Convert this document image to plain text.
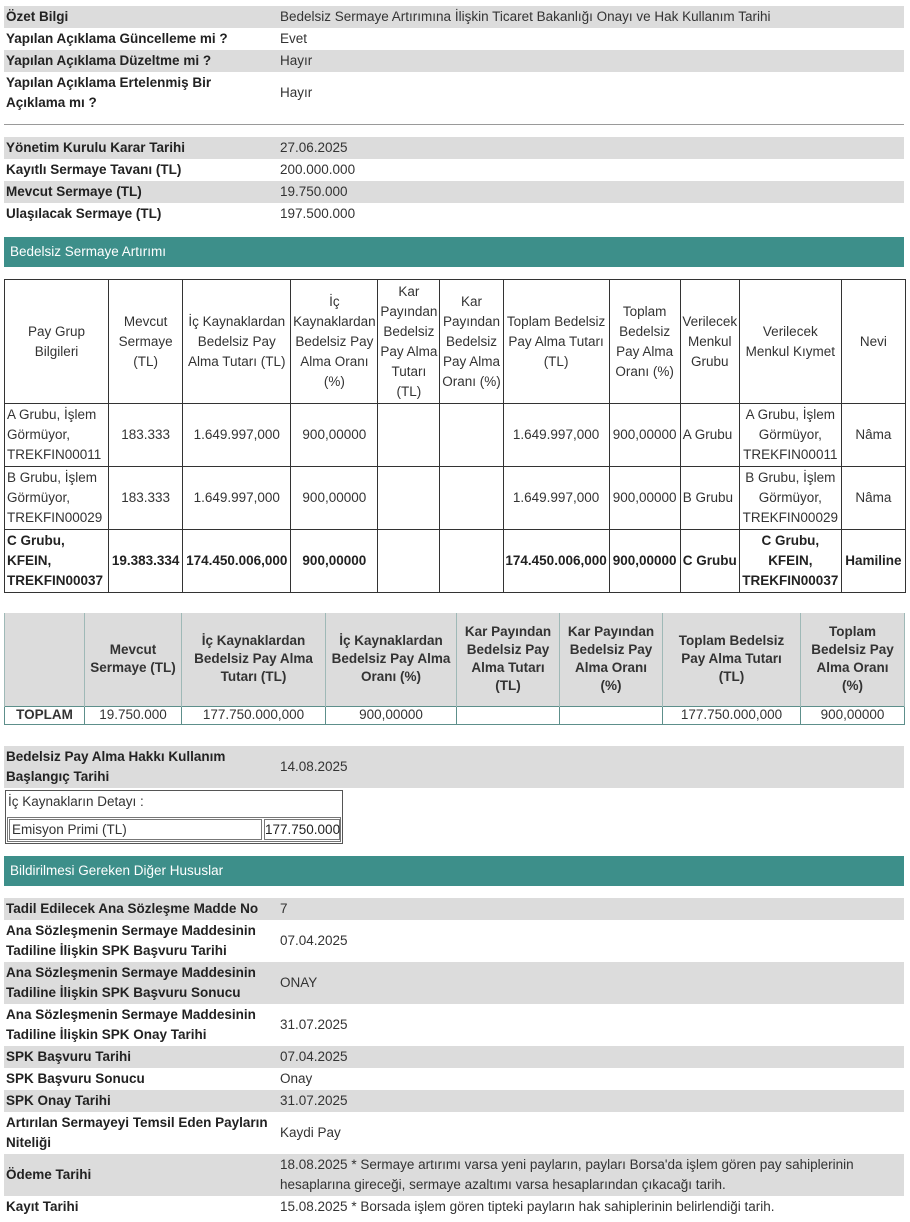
Özet Bilgi	Bedelsiz Sermaye Artırımına İlişkin Ticaret Bakanlığı Onayı ve Hak Kullanım Tarihi
Yapılan Açıklama Güncelleme mi ?	Evet
Yapılan Açıklama Düzeltme mi ?	Hayır
Yapılan Açıklama Ertelenmiş Bir Açıklama mı ?	Hayır
Yönetim Kurulu Karar Tarihi	27.06.2025
Kayıtlı Sermaye Tavanı (TL)	200.000.000
Mevcut Sermaye (TL)	19.750.000
Ulaşılacak Sermaye (TL)	197.500.000
Bedelsiz Sermaye Artırımı
Pay Grup Bilgileri	Mevcut Sermaye (TL)	İç Kaynaklardan Bedelsiz Pay Alma Tutarı (TL)	İç Kaynaklardan Bedelsiz Pay Alma Oranı (%)	Kar Payından Bedelsiz Pay Alma Tutarı (TL)	Kar Payından Bedelsiz Pay Alma Oranı (%)	Toplam Bedelsiz Pay Alma Tutarı (TL)	Toplam Bedelsiz Pay Alma Oranı (%)	Verilecek Menkul Grubu	Verilecek Menkul Kıymet	Nevi
A Grubu, İşlem Görmüyor, TREKFIN00011	183.333	1.649.997,000	900,00000			1.649.997,000	900,00000	A Grubu	A Grubu, İşlem Görmüyor, TREKFIN00011	Nâma
B Grubu, İşlem Görmüyor, TREKFIN00029	183.333	1.649.997,000	900,00000			1.649.997,000	900,00000	B Grubu	B Grubu, İşlem Görmüyor, TREKFIN00029	Nâma
C Grubu, KFEIN, TREKFIN00037	19.383.334	174.450.006,000	900,00000			174.450.006,000	900,00000	C Grubu	C Grubu, KFEIN, TREKFIN00037	Hamiline
	Mevcut Sermaye (TL)	İç Kaynaklardan Bedelsiz Pay Alma Tutarı (TL)	İç Kaynaklardan Bedelsiz Pay Alma Oranı (%)	Kar Payından Bedelsiz Pay Alma Tutarı (TL)	Kar Payından Bedelsiz Pay Alma Oranı (%)	Toplam Bedelsiz Pay Alma Tutarı (TL)	Toplam Bedelsiz Pay Alma Oranı (%)
TOPLAM	19.750.000	177.750.000,000	900,00000			177.750.000,000	900,00000
Bedelsiz Pay Alma Hakkı Kullanım Başlangıç Tarihi	14.08.2025
İç Kaynakların Detayı :
Emisyon Primi (TL)	177.750.000
Bildirilmesi Gereken Diğer Hususlar
Tadil Edilecek Ana Sözleşme Madde No	7
Ana Sözleşmenin Sermaye Maddesinin Tadiline İlişkin SPK Başvuru Tarihi	07.04.2025
Ana Sözleşmenin Sermaye Maddesinin Tadiline İlişkin SPK Başvuru Sonucu	ONAY
Ana Sözleşmenin Sermaye Maddesinin Tadiline İlişkin SPK Onay Tarihi	31.07.2025
SPK Başvuru Tarihi	07.04.2025
SPK Başvuru Sonucu	Onay
SPK Onay Tarihi	31.07.2025
Artırılan Sermayeyi Temsil Eden Payların Niteliği	Kaydi Pay
Ödeme Tarihi	18.08.2025 * Sermaye artırımı varsa yeni payların, payları Borsa'da işlem gören pay sahiplerinin hesaplarına gireceği, sermaye azaltımı varsa hesaplarından çıkacağı tarih.
Kayıt Tarihi	15.08.2025 * Borsada işlem gören tipteki payların hak sahiplerinin belirlendiği tarih.
